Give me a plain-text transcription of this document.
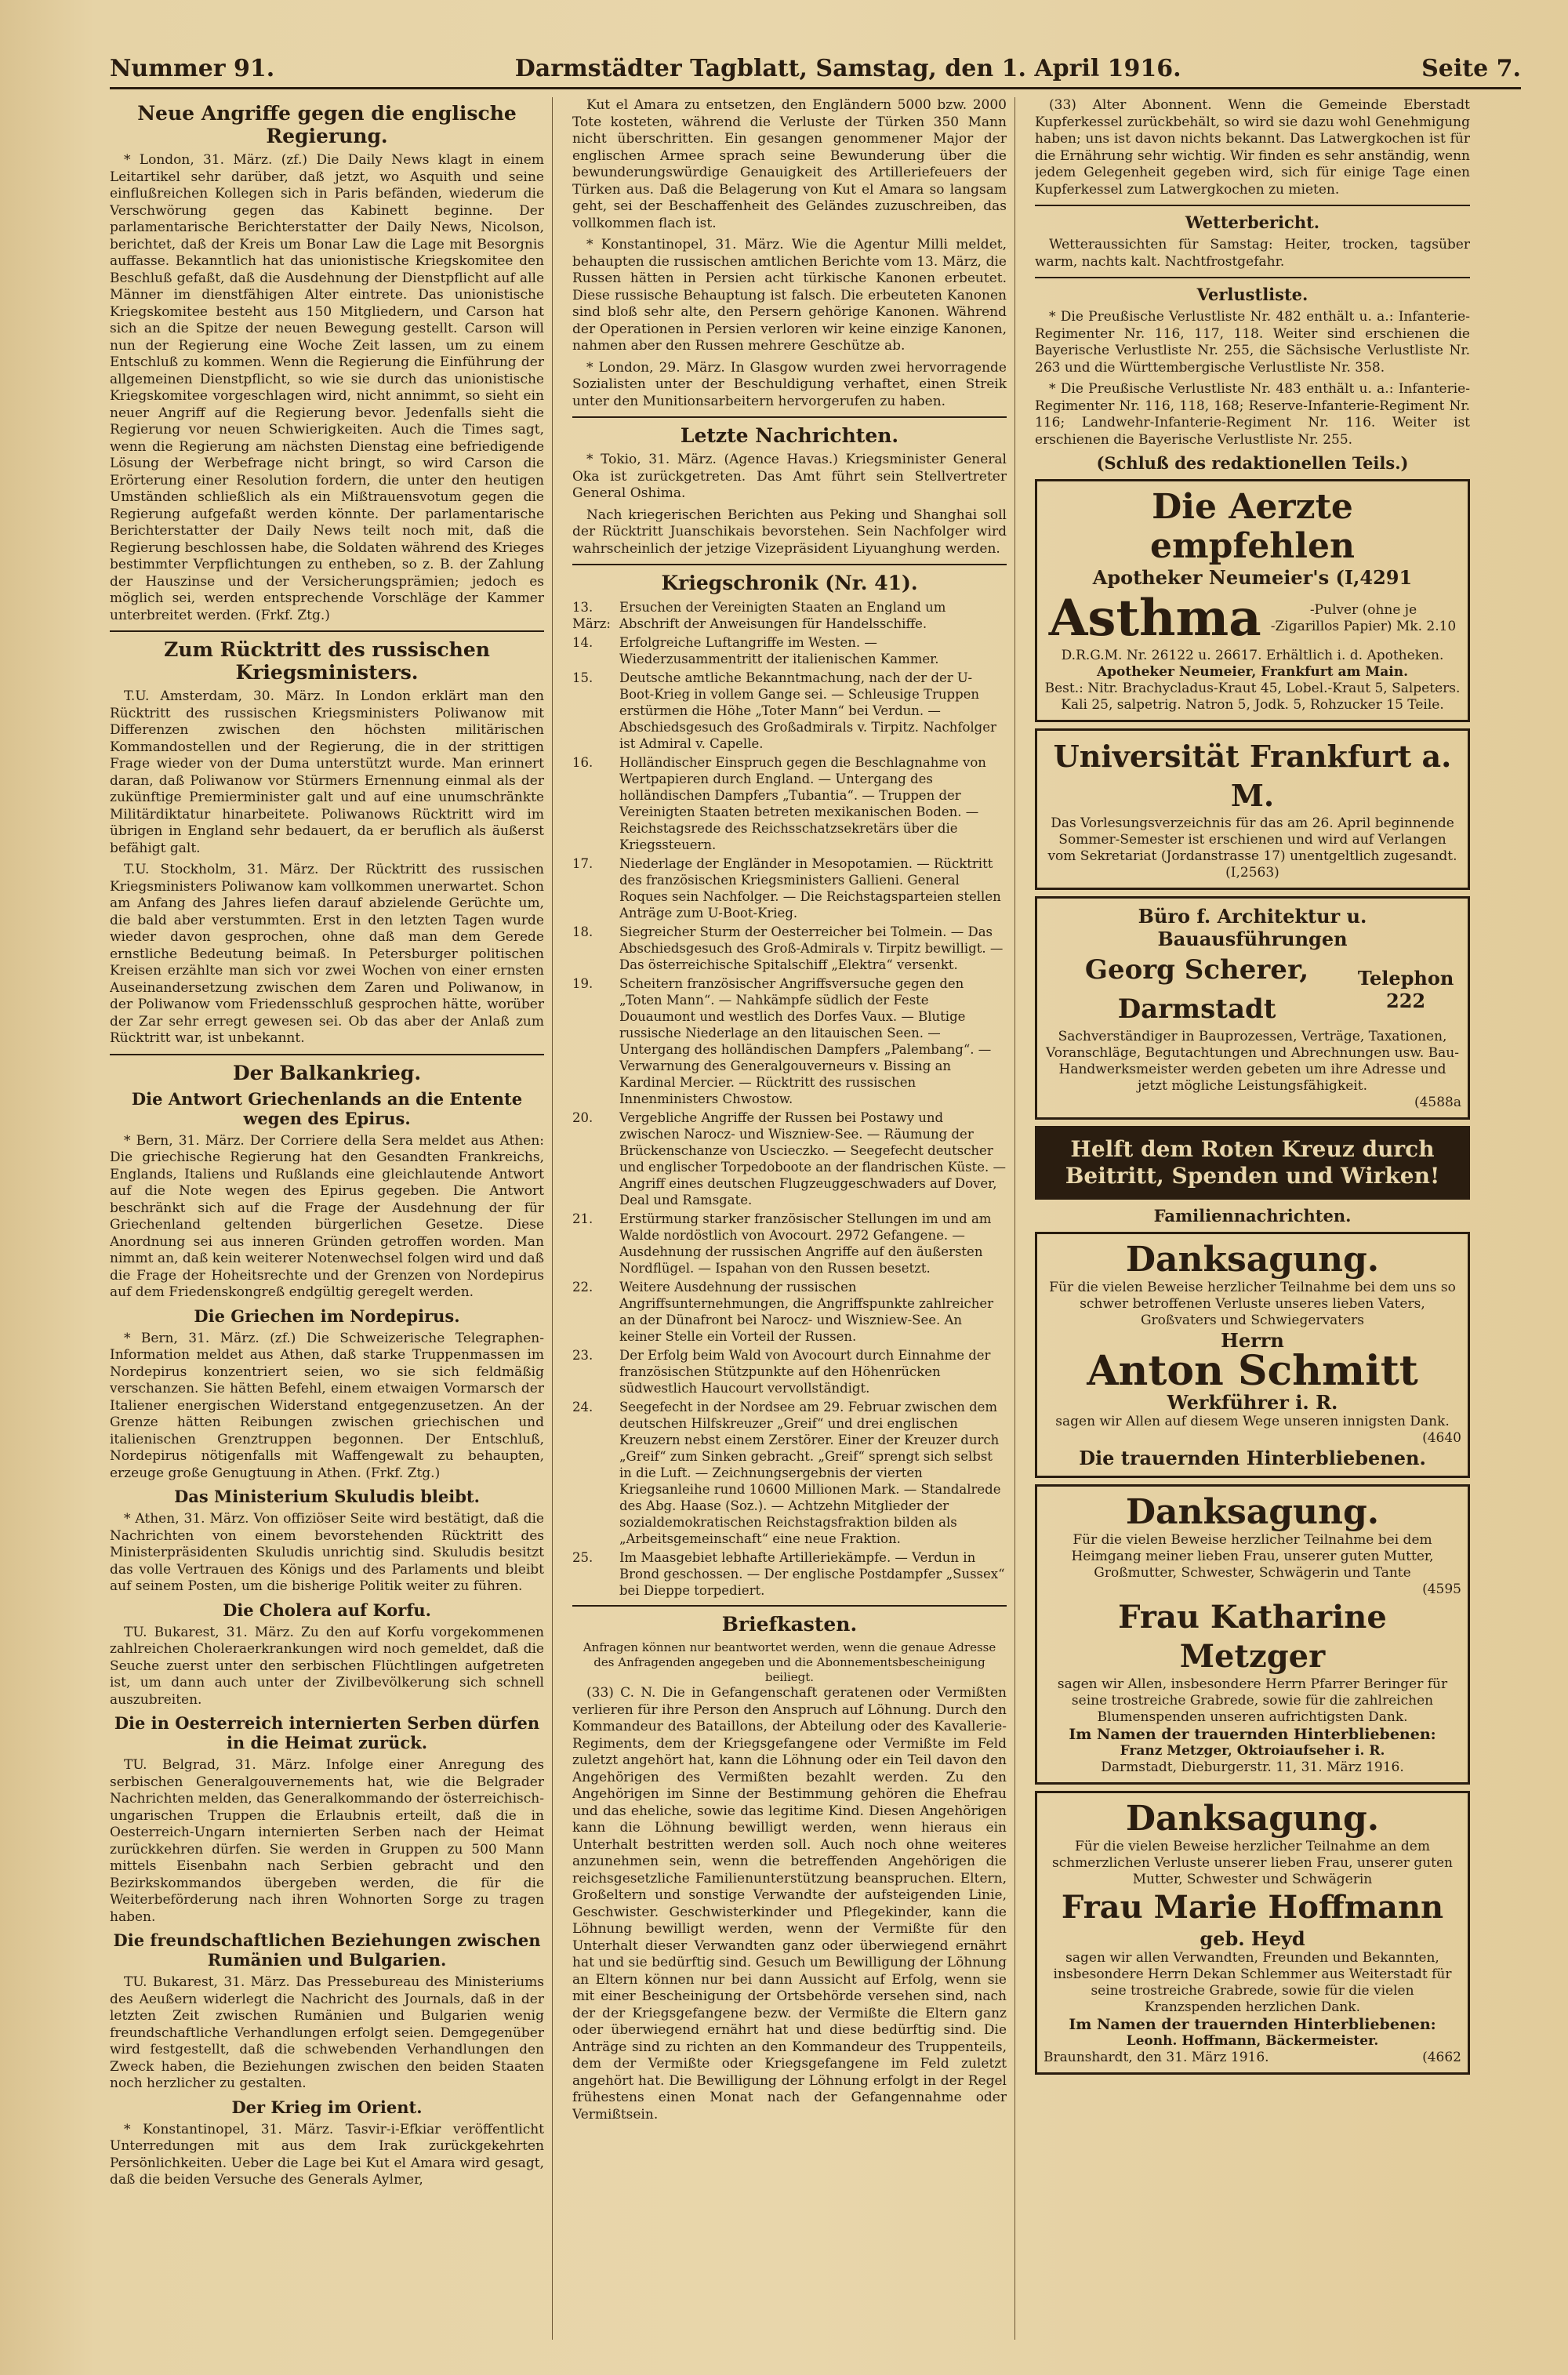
Nummer 91.	Darmstädter Tagblatt, Samstag, den 1. April 1916.	Seite 7.
Neue Angriffe gegen die englische Regierung.

* London, 31. März. (zf.) Die Daily News klagt in einem Leitartikel sehr darüber, daß jetzt, wo Asquith und seine einflußreichen Kollegen sich in Paris befänden, wiederum die Verschwörung gegen das Kabinett beginne. Der parlamentarische Berichterstatter der Daily News, Nicolson, berichtet, daß der Kreis um Bonar Law die Lage mit Besorgnis auffasse. Bekanntlich hat das unionistische Kriegskomitee den Beschluß gefaßt, daß die Ausdehnung der Dienstpflicht auf alle Männer im dienstfähigen Alter eintrete. Das unionistische Kriegskomitee besteht aus 150 Mitgliedern, und Carson hat sich an die Spitze der neuen Bewegung gestellt. Carson will nun der Regierung eine Woche Zeit lassen, um zu einem Entschluß zu kommen. Wenn die Regierung die Einführung der allgemeinen Dienstpflicht, so wie sie durch das unionistische Kriegskomitee vorgeschlagen wird, nicht annimmt, so sieht ein neuer Angriff auf die Regierung bevor. Jedenfalls sieht die Regierung vor neuen Schwierigkeiten. Auch die Times sagt, wenn die Regierung am nächsten Dienstag eine befriedigende Lösung der Werbefrage nicht bringt, so wird Carson die Erörterung einer Resolution fordern, die unter den heutigen Umständen schließlich als ein Mißtrauensvotum gegen die Regierung aufgefaßt werden könnte. Der parlamentarische Berichterstatter der Daily News teilt noch mit, daß die Regierung beschlossen habe, die Soldaten während des Krieges bestimmter Verpflichtungen zu entheben, so z. B. der Zahlung der Hauszinse und der Versicherungsprämien; jedoch es möglich sei, werden entsprechende Vorschläge der Kammer unterbreitet werden. (Frkf. Ztg.)

Zum Rücktritt des russischen Kriegsministers.

T.U. Amsterdam, 30. März. In London erklärt man den Rücktritt des russischen Kriegsministers Poliwanow mit Differenzen zwischen den höchsten militärischen Kommandostellen und der Regierung, die in der strittigen Frage wieder von der Duma unterstützt wurde. Man erinnert daran, daß Poliwanow vor Stürmers Ernennung einmal als der zukünftige Premierminister galt und auf eine unumschränkte Militärdiktatur hinarbeitete. Poliwanows Rücktritt wird im übrigen in England sehr bedauert, da er beruflich als äußerst befähigt galt.

T.U. Stockholm, 31. März. Der Rücktritt des russischen Kriegsministers Poliwanow kam vollkommen unerwartet. Schon am Anfang des Jahres liefen darauf abzielende Gerüchte um, die bald aber verstummten. Erst in den letzten Tagen wurde wieder davon gesprochen, ohne daß man dem Gerede ernstliche Bedeutung beimaß. In Petersburger politischen Kreisen erzählte man sich vor zwei Wochen von einer ernsten Auseinandersetzung zwischen dem Zaren und Poliwanow, in der Poliwanow vom Friedensschluß gesprochen hätte, worüber der Zar sehr erregt gewesen sei. Ob das aber der Anlaß zum Rücktritt war, ist unbekannt.

Der Balkankrieg.
Die Antwort Griechenlands an die Entente wegen des Epirus.

* Bern, 31. März. Der Corriere della Sera meldet aus Athen: Die griechische Regierung hat den Gesandten Frankreichs, Englands, Italiens und Rußlands eine gleichlautende Antwort auf die Note wegen des Epirus gegeben. Die Antwort beschränkt sich auf die Frage der Ausdehnung der für Griechenland geltenden bürgerlichen Gesetze. Diese Anordnung sei aus inneren Gründen getroffen worden. Man nimmt an, daß kein weiterer Notenwechsel folgen wird und daß die Frage der Hoheitsrechte und der Grenzen von Nordepirus auf dem Friedenskongreß endgültig geregelt werden.

Die Griechen im Nordepirus.

* Bern, 31. März. (zf.) Die Schweizerische Telegraphen-Information meldet aus Athen, daß starke Truppenmassen im Nordepirus konzentriert seien, wo sie sich feldmäßig verschanzen. Sie hätten Befehl, einem etwaigen Vormarsch der Italiener energischen Widerstand entgegenzusetzen. An der Grenze hätten Reibungen zwischen griechischen und italienischen Grenztruppen begonnen. Der Entschluß, Nordepirus nötigenfalls mit Waffengewalt zu behaupten, erzeuge große Genugtuung in Athen. (Frkf. Ztg.)

Das Ministerium Skuludis bleibt.

* Athen, 31. März. Von offiziöser Seite wird bestätigt, daß die Nachrichten von einem bevorstehenden Rücktritt des Ministerpräsidenten Skuludis unrichtig sind. Skuludis besitzt das volle Vertrauen des Königs und des Parlaments und bleibt auf seinem Posten, um die bisherige Politik weiter zu führen.

Die Cholera auf Korfu.

TU. Bukarest, 31. März. Zu den auf Korfu vorgekommenen zahlreichen Choleraerkrankungen wird noch gemeldet, daß die Seuche zuerst unter den serbischen Flüchtlingen aufgetreten ist, um dann auch unter der Zivilbevölkerung sich schnell auszubreiten.

Die in Oesterreich internierten Serben dürfen in die Heimat zurück.

TU. Belgrad, 31. März. Infolge einer Anregung des serbischen Generalgouvernements hat, wie die Belgrader Nachrichten melden, das Generalkommando der österreichisch-ungarischen Truppen die Erlaubnis erteilt, daß die in Oesterreich-Ungarn internierten Serben nach der Heimat zurückkehren dürfen. Sie werden in Gruppen zu 500 Mann mittels Eisenbahn nach Serbien gebracht und den Bezirkskommandos übergeben werden, die für die Weiterbeförderung nach ihren Wohnorten Sorge zu tragen haben.

Die freundschaftlichen Beziehungen zwischen Rumänien und Bulgarien.

TU. Bukarest, 31. März. Das Pressebureau des Ministeriums des Aeußern widerlegt die Nachricht des Journals, daß in der letzten Zeit zwischen Rumänien und Bulgarien wenig freundschaftliche Verhandlungen erfolgt seien. Demgegenüber wird festgestellt, daß die schwebenden Verhandlungen den Zweck haben, die Beziehungen zwischen den beiden Staaten noch herzlicher zu gestalten.

Der Krieg im Orient.

* Konstantinopel, 31. März. Tasvir-i-Efkiar veröffentlicht Unterredungen mit aus dem Irak zurückgekehrten Persönlichkeiten. Ueber die Lage bei Kut el Amara wird gesagt, daß die beiden Versuche des Generals Aylmer,

Kut el Amara zu entsetzen, den Engländern 5000 bzw. 2000 Tote kosteten, während die Verluste der Türken 350 Mann nicht überschritten. Ein gesangen genommener Major der englischen Armee sprach seine Bewunderung über die bewunderungswürdige Genauigkeit des Artilleriefeuers der Türken aus. Daß die Belagerung von Kut el Amara so langsam geht, sei der Beschaffenheit des Geländes zuzuschreiben, das vollkommen flach ist.

* Konstantinopel, 31. März. Wie die Agentur Milli meldet, behaupten die russischen amtlichen Berichte vom 13. März, die Russen hätten in Persien acht türkische Kanonen erbeutet. Diese russische Behauptung ist falsch. Die erbeuteten Kanonen sind bloß sehr alte, den Persern gehörige Kanonen. Während der Operationen in Persien verloren wir keine einzige Kanonen, nahmen aber den Russen mehrere Geschütze ab.

* London, 29. März. In Glasgow wurden zwei hervorragende Sozialisten unter der Beschuldigung verhaftet, einen Streik unter den Munitionsarbeitern hervorgerufen zu haben.

Letzte Nachrichten.

* Tokio, 31. März. (Agence Havas.) Kriegsminister General Oka ist zurückgetreten. Das Amt führt sein Stellvertreter General Oshima.

Nach kriegerischen Berichten aus Peking und Shanghai soll der Rücktritt Juanschikais bevorstehen. Sein Nachfolger wird wahrscheinlich der jetzige Vizepräsident Liyuanghung werden.

Kriegschronik (Nr. 41).
13. März:
Ersuchen der Vereinigten Staaten an England um Abschrift der Anweisungen für Handelsschiffe.
14.	Erfolgreiche Luftangriffe im Westen. — Wiederzusammentritt der italienischen Kammer.
15.	Deutsche amtliche Bekanntmachung, nach der der U-Boot-Krieg in vollem Gange sei. — Schleusige Truppen erstürmen die Höhe „Toter Mann“ bei Verdun. — Abschiedsgesuch des Großadmirals v. Tirpitz. Nachfolger ist Admiral v. Capelle.
16.	Holländischer Einspruch gegen die Beschlagnahme von Wertpapieren durch England. — Untergang des holländischen Dampfers „Tubantia“. — Truppen der Vereinigten Staaten betreten mexikanischen Boden. — Reichstagsrede des Reichsschatzsekretärs über die Kriegssteuern.
17.	Niederlage der Engländer in Mesopotamien. — Rücktritt des französischen Kriegsministers Gallieni. General Roques sein Nachfolger. — Die Reichstagsparteien stellen Anträge zum U-Boot-Krieg.
18.	Siegreicher Sturm der Oesterreicher bei Tolmein. — Das Abschiedsgesuch des Groß-Admirals v. Tirpitz bewilligt. — Das österreichische Spitalschiff „Elektra“ versenkt.
19.	Scheitern französischer Angriffsversuche gegen den „Toten Mann“. — Nahkämpfe südlich der Feste Douaumont und westlich des Dorfes Vaux. — Blutige russische Niederlage an den litauischen Seen. — Untergang des holländischen Dampfers „Palembang“. — Verwarnung des Generalgouverneurs v. Bissing an Kardinal Mercier. — Rücktritt des russischen Innenministers Chwostow.
20.	Vergebliche Angriffe der Russen bei Postawy und zwischen Narocz- und Wiszniew-See. — Räumung der Brückenschanze von Uscieczko. — Seegefecht deutscher und englischer Torpedoboote an der flandrischen Küste. — Angriff eines deutschen Flugzeuggeschwaders auf Dover, Deal und Ramsgate.
21.	Erstürmung starker französischer Stellungen im und am Walde nordöstlich von Avocourt. 2972 Gefangene. — Ausdehnung der russischen Angriffe auf den äußersten Nordflügel. — Ispahan von den Russen besetzt.
22.	Weitere Ausdehnung der russischen Angriffsunternehmungen, die Angriffspunkte zahlreicher an der Dünafront bei Narocz- und Wiszniew-See. An keiner Stelle ein Vorteil der Russen.
23.	Der Erfolg beim Wald von Avocourt durch Einnahme der französischen Stützpunkte auf den Höhenrücken südwestlich Haucourt vervollständigt.
24.	Seegefecht in der Nordsee am 29. Februar zwischen dem deutschen Hilfskreuzer „Greif“ und drei englischen Kreuzern nebst einem Zerstörer. Einer der Kreuzer durch „Greif“ zum Sinken gebracht. „Greif“ sprengt sich selbst in die Luft. — Zeichnungsergebnis der vierten Kriegsanleihe rund 10600 Millionen Mark. — Standalrede des Abg. Haase (Soz.). — Achtzehn Mitglieder der sozialdemokratischen Reichstagsfraktion bilden als „Arbeitsgemeinschaft“ eine neue Fraktion.
25.	Im Maasgebiet lebhafte Artilleriekämpfe. — Verdun in Brond geschossen. — Der englische Postdampfer „Sussex“ bei Dieppe torpediert.
Briefkasten.
Anfragen können nur beantwortet werden, wenn die genaue Adresse des Anfragenden angegeben und die Abonnementsbescheinigung beiliegt.

(33) C. N. Die in Gefangenschaft geratenen oder Vermißten verlieren für ihre Person den Anspruch auf Löhnung. Durch den Kommandeur des Bataillons, der Abteilung oder des Kavallerie-Regiments, dem der Kriegsgefangene oder Vermißte im Feld zuletzt angehört hat, kann die Löhnung oder ein Teil davon den Angehörigen des Vermißten bezahlt werden. Zu den Angehörigen im Sinne der Bestimmung gehören die Ehefrau und das eheliche, sowie das legitime Kind. Diesen Angehörigen kann die Löhnung bewilligt werden, wenn hieraus ein Unterhalt bestritten werden soll. Auch noch ohne weiteres anzunehmen sein, wenn die betreffenden Angehörigen die reichsgesetzliche Familienunterstützung beanspruchen. Eltern, Großeltern und sonstige Verwandte der aufsteigenden Linie, Geschwister. Geschwisterkinder und Pflegekinder, kann die Löhnung bewilligt werden, wenn der Vermißte für den Unterhalt dieser Verwandten ganz oder überwiegend ernährt hat und sie bedürftig sind. Gesuch um Bewilligung der Löhnung an Eltern können nur bei dann Aussicht auf Erfolg, wenn sie mit einer Bescheinigung der Ortsbehörde versehen sind, nach der der Kriegsgefangene bezw. der Vermißte die Eltern ganz oder überwiegend ernährt hat und diese bedürftig sind. Die Anträge sind zu richten an den Kommandeur des Truppenteils, dem der Vermißte oder Kriegsgefangene im Feld zuletzt angehört hat. Die Bewilligung der Löhnung erfolgt in der Regel frühestens einen Monat nach der Gefangennahme oder Vermißtsein.

(33) Alter Abonnent. Wenn die Gemeinde Eberstadt Kupferkessel zurückbehält, so wird sie dazu wohl Genehmigung haben; uns ist davon nichts bekannt. Das Latwergkochen ist für die Ernährung sehr wichtig. Wir finden es sehr anständig, wenn jedem Gelegenheit gegeben wird, sich für einige Tage einen Kupferkessel zum Latwergkochen zu mieten.

Wetterbericht.

Wetteraussichten für Samstag: Heiter, trocken, tagsüber warm, nachts kalt. Nachtfrostgefahr.

Verlustliste.

* Die Preußische Verlustliste Nr. 482 enthält u. a.: Infanterie-Regimenter Nr. 116, 117, 118. Weiter sind erschienen die Bayerische Verlustliste Nr. 255, die Sächsische Verlustliste Nr. 263 und die Württembergische Verlustliste Nr. 358.

* Die Preußische Verlustliste Nr. 483 enthält u. a.: Infanterie-Regimenter Nr. 116, 118, 168; Reserve-Infanterie-Regiment Nr. 116; Landwehr-Infanterie-Regiment Nr. 116. Weiter ist erschienen die Bayerische Verlustliste Nr. 255.

(Schluß des redaktionellen Teils.)
Die Aerzte empfehlen
Apotheker Neumeier's (I,4291
Asthma	-Pulver (ohne je
-Zigarillos Papier) Mk. 2.10
D.R.G.M. Nr. 26122 u. 26617. Erhältlich i. d. Apotheken.
Apotheker Neumeier, Frankfurt am Main.
Best.: Nitr. Brachycladus-Kraut 45, Lobel.-Kraut 5, Salpeters. Kali 25, salpetrig. Natron 5, Jodk. 5, Rohzucker 15 Teile.
Universität Frankfurt a. M.
Das Vorlesungsverzeichnis für das am 26. April beginnende Sommer-Semester ist erschienen und wird auf Verlangen vom Sekretariat (Jordanstrasse 17) unentgeltlich zugesandt.
(I,2563)
Büro f. Architektur u. Bauausführungen
Georg Scherer, Darmstadt
Telephon 222
Sachverständiger in Bauprozessen, Verträge, Taxationen, Voranschläge, Begutachtungen und Abrechnungen usw. Bau-Handwerksmeister werden gebeten um ihre Adresse und jetzt mögliche Leistungsfähigkeit.
(4588a
Helft dem Roten Kreuz durch Beitritt, Spenden und Wirken!
Familiennachrichten.
Danksagung.
Für die vielen Beweise herzlicher Teilnahme bei dem uns so schwer betroffenen Verluste unseres lieben Vaters, Großvaters und Schwiegervaters
Herrn
Anton Schmitt
Werkführer i. R.
sagen wir Allen auf diesem Wege unseren innigsten Dank.
(4640
Die trauernden Hinterbliebenen.
Danksagung.
Für die vielen Beweise herzlicher Teilnahme bei dem Heimgang meiner lieben Frau, unserer guten Mutter, Großmutter, Schwester, Schwägerin und Tante
(4595
Frau Katharine Metzger
sagen wir Allen, insbesondere Herrn Pfarrer Beringer für seine trostreiche Grabrede, sowie für die zahlreichen Blumenspenden unseren aufrichtigsten Dank.
Im Namen der trauernden Hinterbliebenen:
Franz Metzger, Oktroiaufseher i. R.
Darmstadt, Dieburgerstr. 11, 31. März 1916.
Danksagung.
Für die vielen Beweise herzlicher Teilnahme an dem schmerzlichen Verluste unserer lieben Frau, unserer guten Mutter, Schwester und Schwägerin
Frau Marie Hoffmann
geb. Heyd
sagen wir allen Verwandten, Freunden und Bekannten, insbesondere Herrn Dekan Schlemmer aus Weiterstadt für seine trostreiche Grabrede, sowie für die vielen Kranzspenden herzlichen Dank.
Im Namen der trauernden Hinterbliebenen:
Leonh. Hoffmann, Bäckermeister.
Braunshardt, den 31. März 1916.	(4662
